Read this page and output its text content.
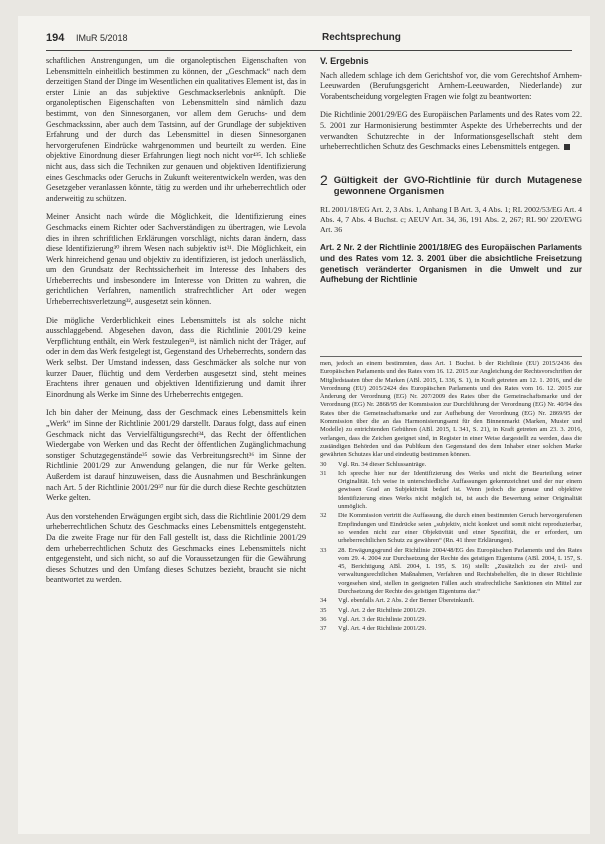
194 IMuR 5/2018	Rechtsprechung

schaftlichen Anstrengungen, um die organoleptischen Eigenschaften von Lebensmitteln einheitlich bestimmen zu können, der „Geschmack“ nach dem derzeitigen Stand der Dinge im Wesentlichen ein qualitatives Element ist, das in erster Linie an das subjektive Geschmackserlebnis anknüpft. Die organoleptischen Eigenschaften von Lebensmitteln sind nämlich dazu bestimmt, von den Sinnesorganen, vor allem dem Geruchs- und dem Geschmackssinn, aber auch dem Tastsinn, auf der Grundlage der subjektiven Erfahrung und der durch das Lebensmittel in diesen Sinnesorganen hervorgerufenen Eindrücke wahrgenommen und beurteilt zu werden. Eine objektive Einordnung dieser Erfahrungen liegt noch nicht vor⁴³⁵. Ich schließe nicht aus, dass sich die Techniken zur genauen und objektiven Identifizierung eines Geschmacks oder Geruchs in Zukunft weiterentwickeln werden, was den Gesetzgeber veranlassen könnte, tätig zu werden und ihr urheberrechtlich oder anderweitig zu schützen.

Meiner Ansicht nach würde die Möglichkeit, die Identifizierung eines Geschmacks einem Richter oder Sachverständigen zu übertragen, wie Levola dies in ihren schriftlichen Erklärungen vorschlägt, nichts daran ändern, dass diese Identifizierung³⁰ ihrem Wesen nach subjektiv ist³¹. Die Möglichkeit, ein Werk hinreichend genau und objektiv zu identifizieren, ist jedoch unerlässlich, um den Grundsatz der Rechtssicherheit im Interesse des Inhabers des Urheberrechts und insbesondere im Interesse von Dritten zu wahren, die gerichtlichen Verfahren, namentlich strafrechtlicher Art oder wegen Urheberrechtsverletzung³², ausgesetzt sein können.

Die mögliche Verderblichkeit eines Lebensmittels ist als solche nicht ausschlaggebend. Abgesehen davon, dass die Richtlinie 2001/29 keine Verpflichtung enthält, ein Werk festzulegen³³, ist nämlich nicht der Träger, auf oder in dem das Werk festgelegt ist, Gegenstand des Urheberrechts, sondern das Werk selbst. Der Umstand indessen, dass Geschmäcker als solche nur von kurzer Dauer, flüchtig und dem Verderben ausgesetzt sind, steht meines Erachtens ihrer genauen und objektiven Identifizierung und damit ihrer Einordnung als Werke im Sinne des Urheberrechts entgegen.

Ich bin daher der Meinung, dass der Geschmack eines Lebensmittels kein „Werk“ im Sinne der Richtlinie 2001/29 darstellt. Daraus folgt, dass auf einen Geschmack nicht das Vervielfältigungsrecht³⁴, das Recht der öffentlichen Wiedergabe von Werken und das Recht der öffentlichen Zugänglichmachung sonstiger Schutzgegenstände³⁵ sowie das Verbreitungsrecht³⁶ im Sinne der Richtlinie 2001/29 zur Anwendung gelangen, die nur für Werke gelten. Außerdem ist darauf hinzuweisen, dass die Ausnahmen und Beschränkungen nach Art. 5 der Richtlinie 2001/29³⁷ nur für die durch diese Rechte geschützten Werke gelten.

Aus den vorstehenden Erwägungen ergibt sich, dass die Richtlinie 2001/29 dem urheberrechtlichen Schutz des Geschmacks eines Lebensmittels entgegensteht. Da die zweite Frage nur für den Fall gestellt ist, dass die Richtlinie 2001/29 dem urheberrechtlichen Schutz des Geschmacks eines Lebensmittels nicht entgegensteht, und sich nicht, so auf die Voraussetzungen für die Gewährung dieses Schutzes und den Umfang dieses Schutzes bezieht, braucht sie nicht beantwortet zu werden.

V. Ergebnis

Nach alledem schlage ich dem Gerichtshof vor, die vom Gerechtshof Arnhem-Leeuwarden (Berufungsgericht Arnhem-Leeuwarden, Niederlande) zur Vorabentscheidung vorgelegten Fragen wie folgt zu beantworten:

Die Richtlinie 2001/29/EG des Europäischen Parlaments und des Rates vom 22. 5. 2001 zur Harmonisierung bestimmter Aspekte des Urheberrechts und der verwandten Schutzrechte in der Informationsgesellschaft steht dem urheberrechtlichen Schutz des Geschmacks eines Lebensmittels entgegen.

2 Gültigkeit der GVO-Richtlinie für durch Mutagenese gewonnene Organismen

RL 2001/18/EG Art. 2, 3 Abs. 1, Anhang I B Art. 3, 4 Abs. 1; RL 2002/53/EG Art. 4 Abs. 4, 7 Abs. 4 Buchst. c; AEUV Art. 34, 36, 191 Abs. 2, 267; RL 90/ 220/EWG Art. 36

Art. 2 Nr. 2 der Richtlinie 2001/18/EG des Europäischen Parlaments und des Rates vom 12. 3. 2001 über die absichtliche Freisetzung genetisch veränderter Organismen in die Umwelt und zur Aufhebung der Richtlinie
men, jedoch an einem bestimmten, dass Art. 1 Buchst. b der Richtlinie (EU) 2015/2436 des Europäischen Parlaments und des Rates vom 16. 12. 2015 zur Angleichung der Rechtsvorschriften der Mitgliedstaaten über die Marken (ABl. 2015, L 336, S. 1), in Kraft getreten am 12. 1. 2016, und die Verordnung (EU) 2015/2424 des Europäischen Parlaments und des Rates vom 16. 12. 2015 zur Änderung der Verordnung (EG) Nr. 207/2009 des Rates über die Gemeinschaftsmarke und der Verordnung (EG) Nr. 2868/95 der Kommission zur Durchführung der Verordnung (EG) Nr. 40/94 des Rates über die Gemeinschaftsmarke und zur Aufhebung der Verordnung (EG) Nr. 2869/95 der Kommission über die an das Harmonisierungsamt für den Binnenmarkt (Marken, Muster und Modelle) zu entrichtenden Gebühren (ABl. 2015, L 341, S. 21), in Kraft getreten am 23. 3. 2016, verlangen, dass die Zeichen geeignet sind, in Register in einer Weise dargestellt zu werden, dass die zuständigen Behörden und das Publikum den Gegenstand des dem Inhaber einer solchen Marke gewährten Schutzes klar und eindeutig bestimmen können.
30	Vgl. Rn. 34 dieser Schlussanträge.
31	Ich spreche hier nur der Identifizierung des Werks und nicht die Beurteilung seiner Originalität. Ich weise in unterschiedliche Auffassungen gekennzeichnet und der nur einem gewissen Grad an Subjektivität bedarf ist. Wenn jedoch die genaue und objektive Identifizierung eines Werks nicht möglich ist, ist auch die Bewertung seiner Originalität unmöglich.
32	Die Kommission vertritt die Auffassung, die durch einen bestimmten Geruch hervorgerufenen Empfindungen und Eindrücke seien „subjektiv, nicht konkret und somit nicht reproduzierbar, so wenden nicht zur einer Objektivität und einer Spezifität, die er erfordert, um urheberrechtlichen Schutz zu gewähren“ (Rn. 41 ihrer Erklärungen).
33	28. Erwägungsgrund der Richtlinie 2004/48/EG des Europäischen Parlaments und des Rates vom 29. 4. 2004 zur Durchsetzung der Rechte des geistigen Eigentums (ABl. 2004, L 157, S. 45, Berichtigung ABl. 2004, L 195, S. 16) stellt: „Zusätzlich zu der zivil- und verwaltungsrechtlichen Maßnahmen, Verfahren und Rechtsbehelfen, die in dieser Richtlinie vorgesehen sind, stellen in geeigneten Fällen auch strafrechtliche Sanktionen ein Mittel zur Durchsetzung der Rechte des geistigen Eigentums dar.“
34	Vgl. ebenfalls Art. 2 Abs. 2 der Berner Übereinkunft.
35	Vgl. Art. 2 der Richtlinie 2001/29.
36	Vgl. Art. 3 der Richtlinie 2001/29.
37	Vgl. Art. 4 der Richtlinie 2001/29.
